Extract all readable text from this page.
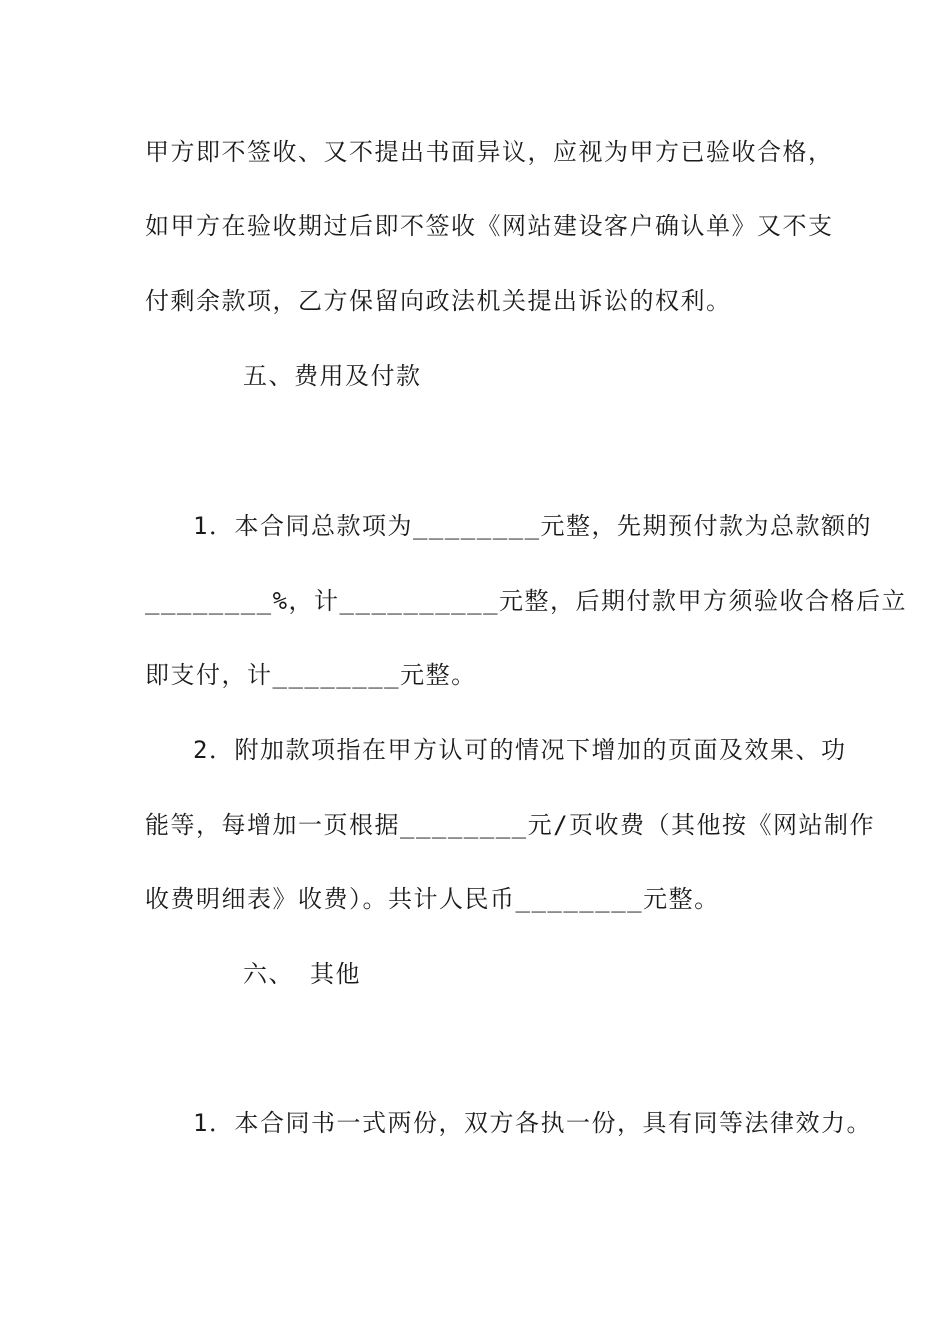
甲方即不签收、又不提出书面异议，应视为甲方已验收合格，
如甲方在验收期过后即不签收《网站建设客户确认单》又不支
付剩余款项，乙方保留向政法机关提出诉讼的权利。
五、费用及付款
1．本合同总款项为________元整，先期预付款为总款额的
________%，计__________元整，后期付款甲方须验收合格后立
即支付，计________元整。
2．附加款项指在甲方认可的情况下增加的页面及效果、功
能等，每增加一页根据________元/页收费（其他按《网站制作
收费明细表》收费）。共计人民币________元整。
六、 其他
1．本合同书一式两份，双方各执一份，具有同等法律效力。
